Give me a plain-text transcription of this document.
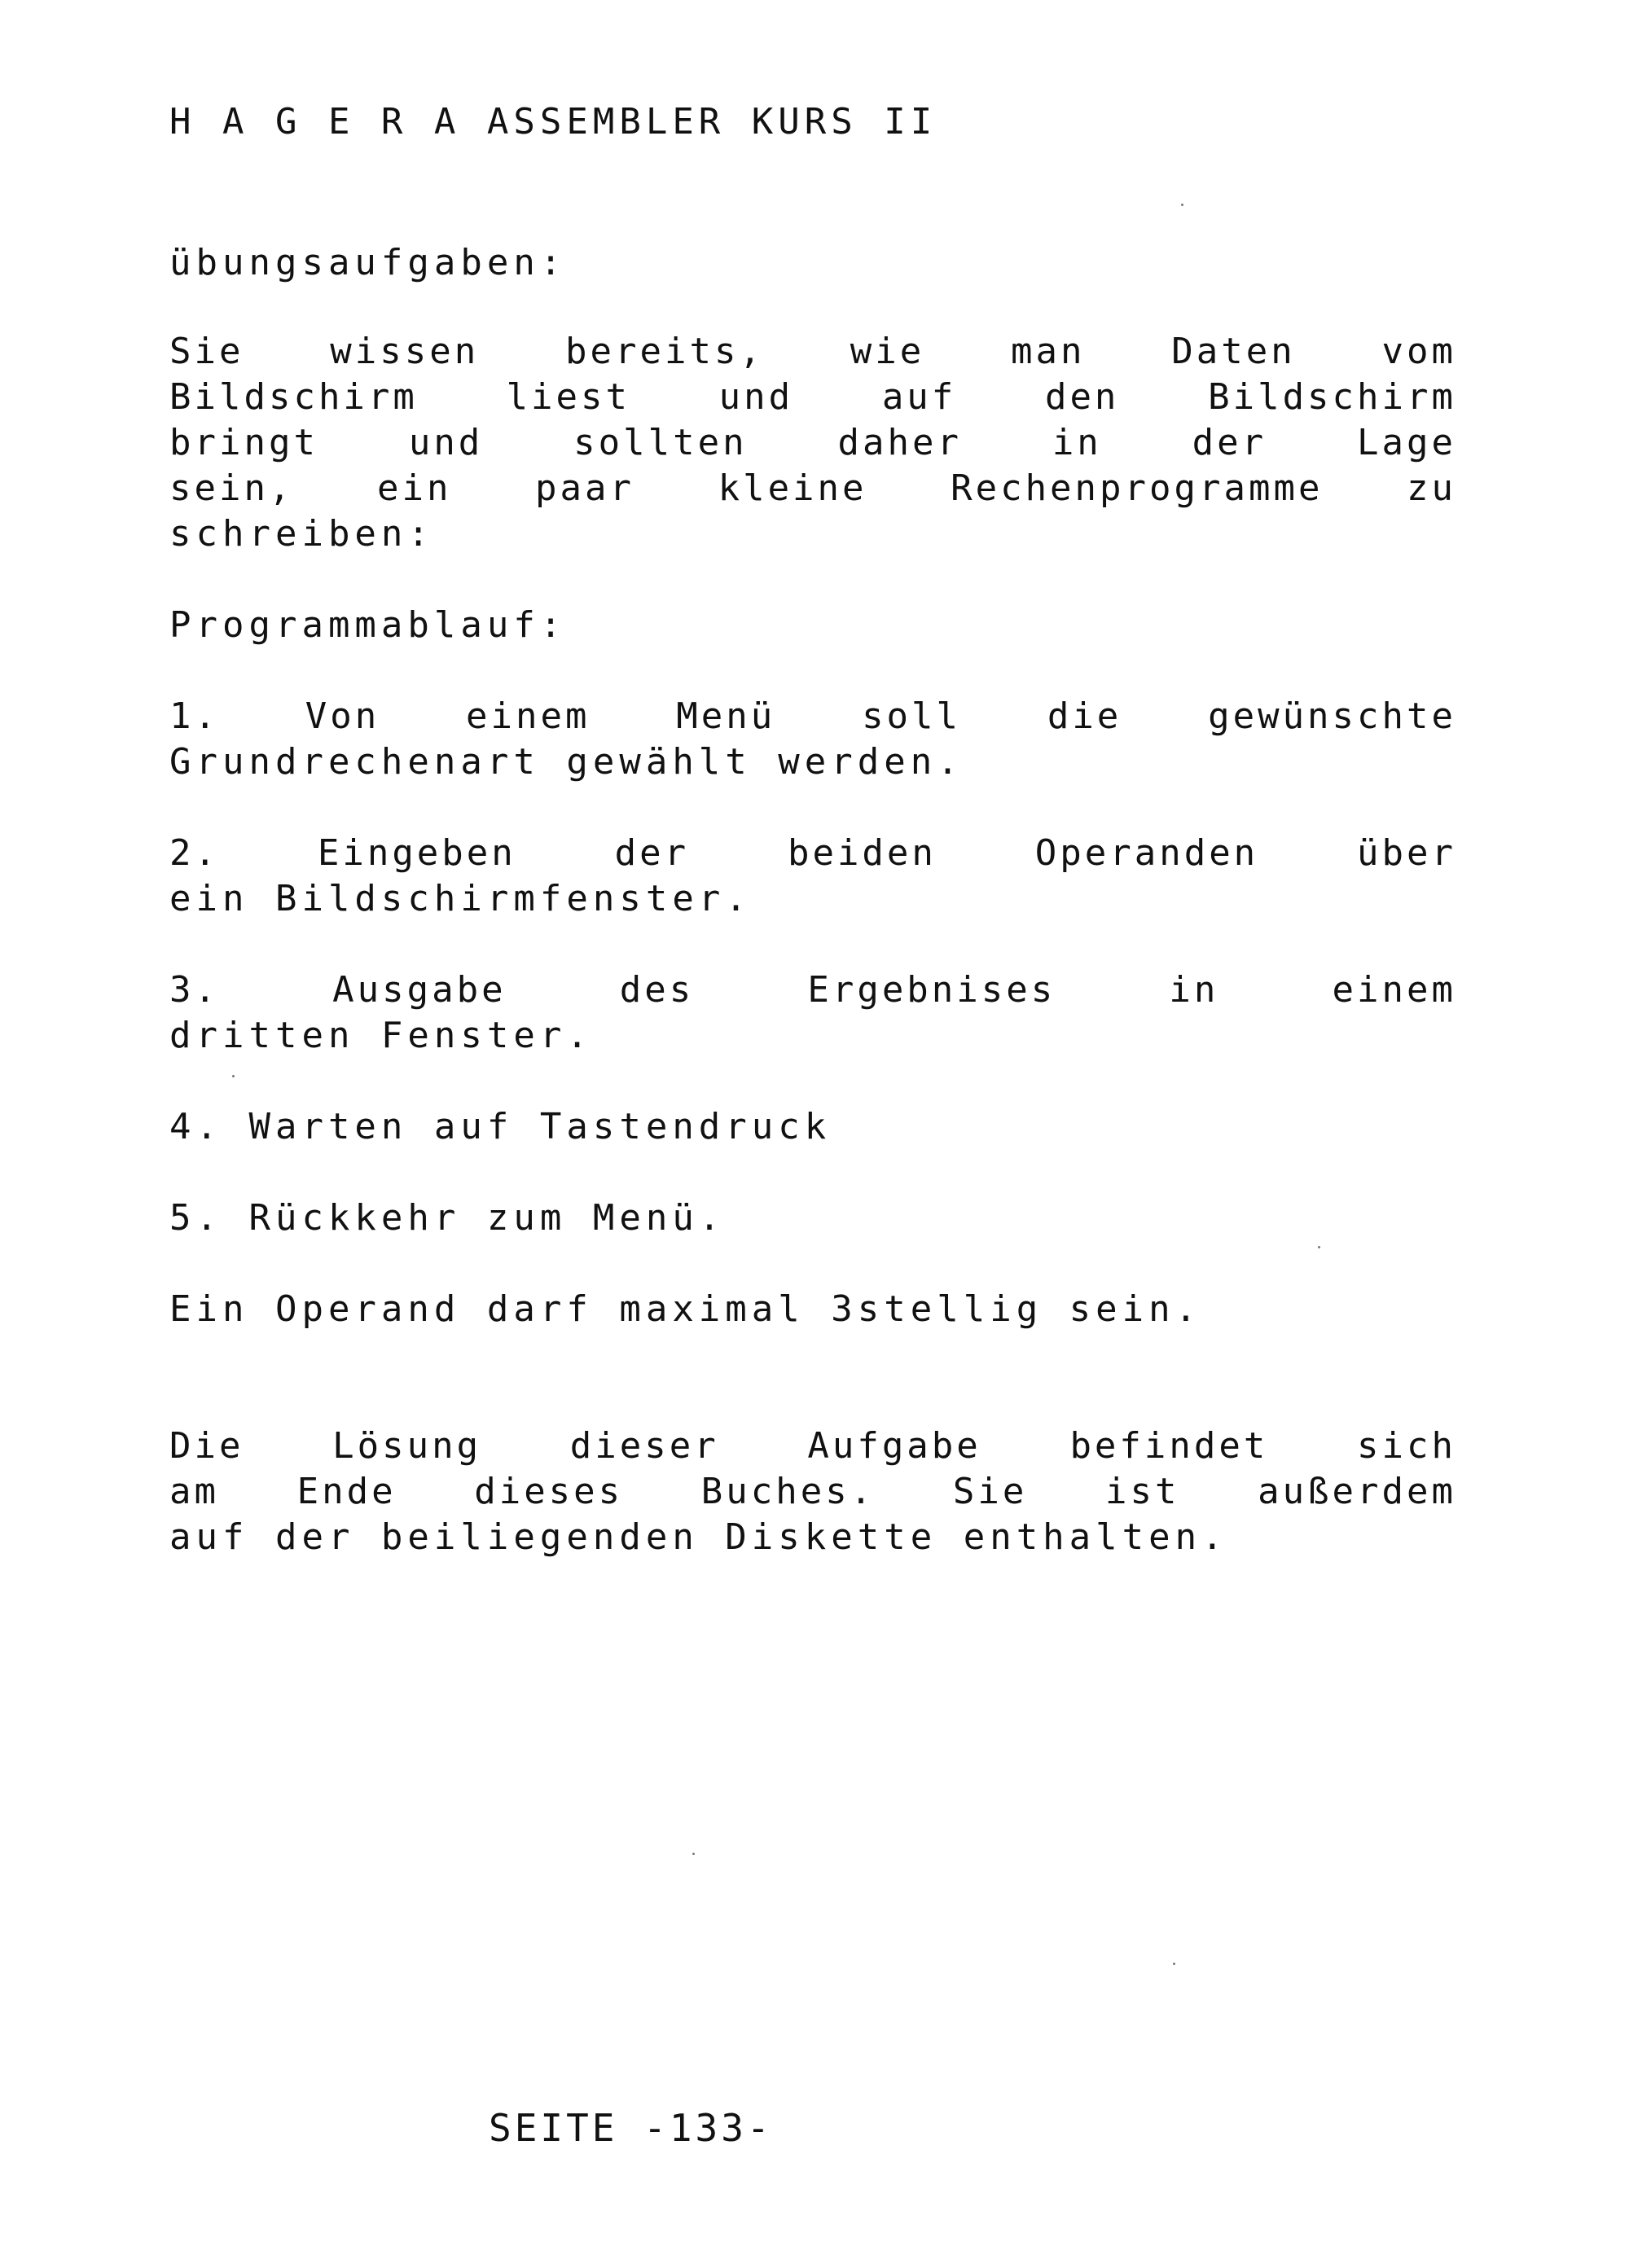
H A G E R A ASSEMBLER KURS II
übungsaufgaben:
Sie wissen bereits, wie man Daten vom
Bildschirm liest und auf den Bildschirm
bringt und sollten daher in der Lage
sein, ein paar kleine Rechenprogramme zu
schreiben:
Programmablauf:
1. Von einem Menü soll die gewünschte
Grundrechenart gewählt werden.
2. Eingeben der beiden Operanden über
ein Bildschirmfenster.
3. Ausgabe des Ergebnises in einem
dritten Fenster.
4. Warten auf Tastendruck
5. Rückkehr zum Menü.
Ein Operand darf maximal 3stellig sein.
Die Lösung dieser Aufgabe befindet sich
am Ende dieses Buches. Sie ist außerdem
auf der beiliegenden Diskette enthalten.
SEITE -133-
